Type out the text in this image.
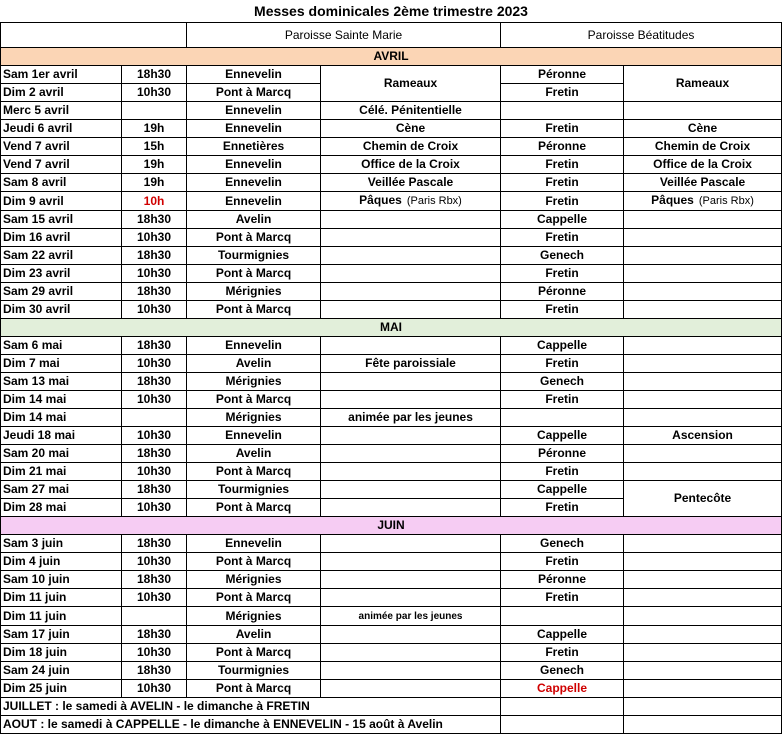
Messes dominicales 2ème trimestre 2023
		Paroisse Sainte Marie		Paroisse Béatitudes	
AVRIL					
Sam 1er avril	18h30	Ennevelin	Rameaux	Péronne	Rameaux
Dim 2 avril	10h30	Pont à Marcq		Fretin	
Merc 5 avril		Ennevelin	Célé. Pénitentielle		
Jeudi 6 avril	19h	Ennevelin	Cène	Fretin	Cène
Vend 7 avril	15h	Ennetières	Chemin de Croix	Péronne	Chemin de Croix
Vend 7 avril	19h	Ennevelin	Office de la Croix	Fretin	Office de la Croix
Sam 8 avril	19h	Ennevelin	Veillée Pascale	Fretin	Veillée Pascale
Dim 9 avril	10h	Ennevelin	Pâques (Paris Rbx)	Fretin	Pâques (Paris Rbx)
Sam 15 avril	18h30	Avelin		Cappelle	
Dim 16 avril	10h30	Pont à Marcq		Fretin	
Sam 22 avril	18h30	Tourmignies		Genech	
Dim 23 avril	10h30	Pont à Marcq		Fretin	
Sam 29 avril	18h30	Mérignies		Péronne	
Dim 30 avril	10h30	Pont à Marcq		Fretin	
MAI					
Sam 6 mai	18h30	Ennevelin		Cappelle	
Dim 7 mai	10h30	Avelin	Fête paroissiale	Fretin	
Sam 13 mai	18h30	Mérignies		Genech	
Dim 14 mai	10h30	Pont à Marcq		Fretin	
Dim 14 mai		Mérignies	animée par les jeunes		
Jeudi 18 mai	10h30	Ennevelin		Cappelle	Ascension
Sam 20 mai	18h30	Avelin		Péronne	
Dim 21 mai	10h30	Pont à Marcq		Fretin	
Sam 27 mai	18h30	Tourmignies		Cappelle	Pentecôte
Dim 28 mai	10h30	Pont à Marcq		Fretin	
JUIN					
Sam 3 juin	18h30	Ennevelin		Genech	
Dim 4 juin	10h30	Pont à Marcq		Fretin	
Sam 10 juin	18h30	Mérignies		Péronne	
Dim 11 juin	10h30	Pont à Marcq		Fretin	
Dim 11 juin		Mérignies	animée par les jeunes		
Sam 17 juin	18h30	Avelin		Cappelle	
Dim 18 juin	10h30	Pont à Marcq		Fretin	
Sam 24 juin	18h30	Tourmignies		Genech	
Dim 25 juin	10h30	Pont à Marcq		Cappelle	
JUILLET : le samedi à AVELIN - le dimanche à FRETIN					
AOUT : le samedi à CAPPELLE - le dimanche à ENNEVELIN - 15 août à Avelin					
